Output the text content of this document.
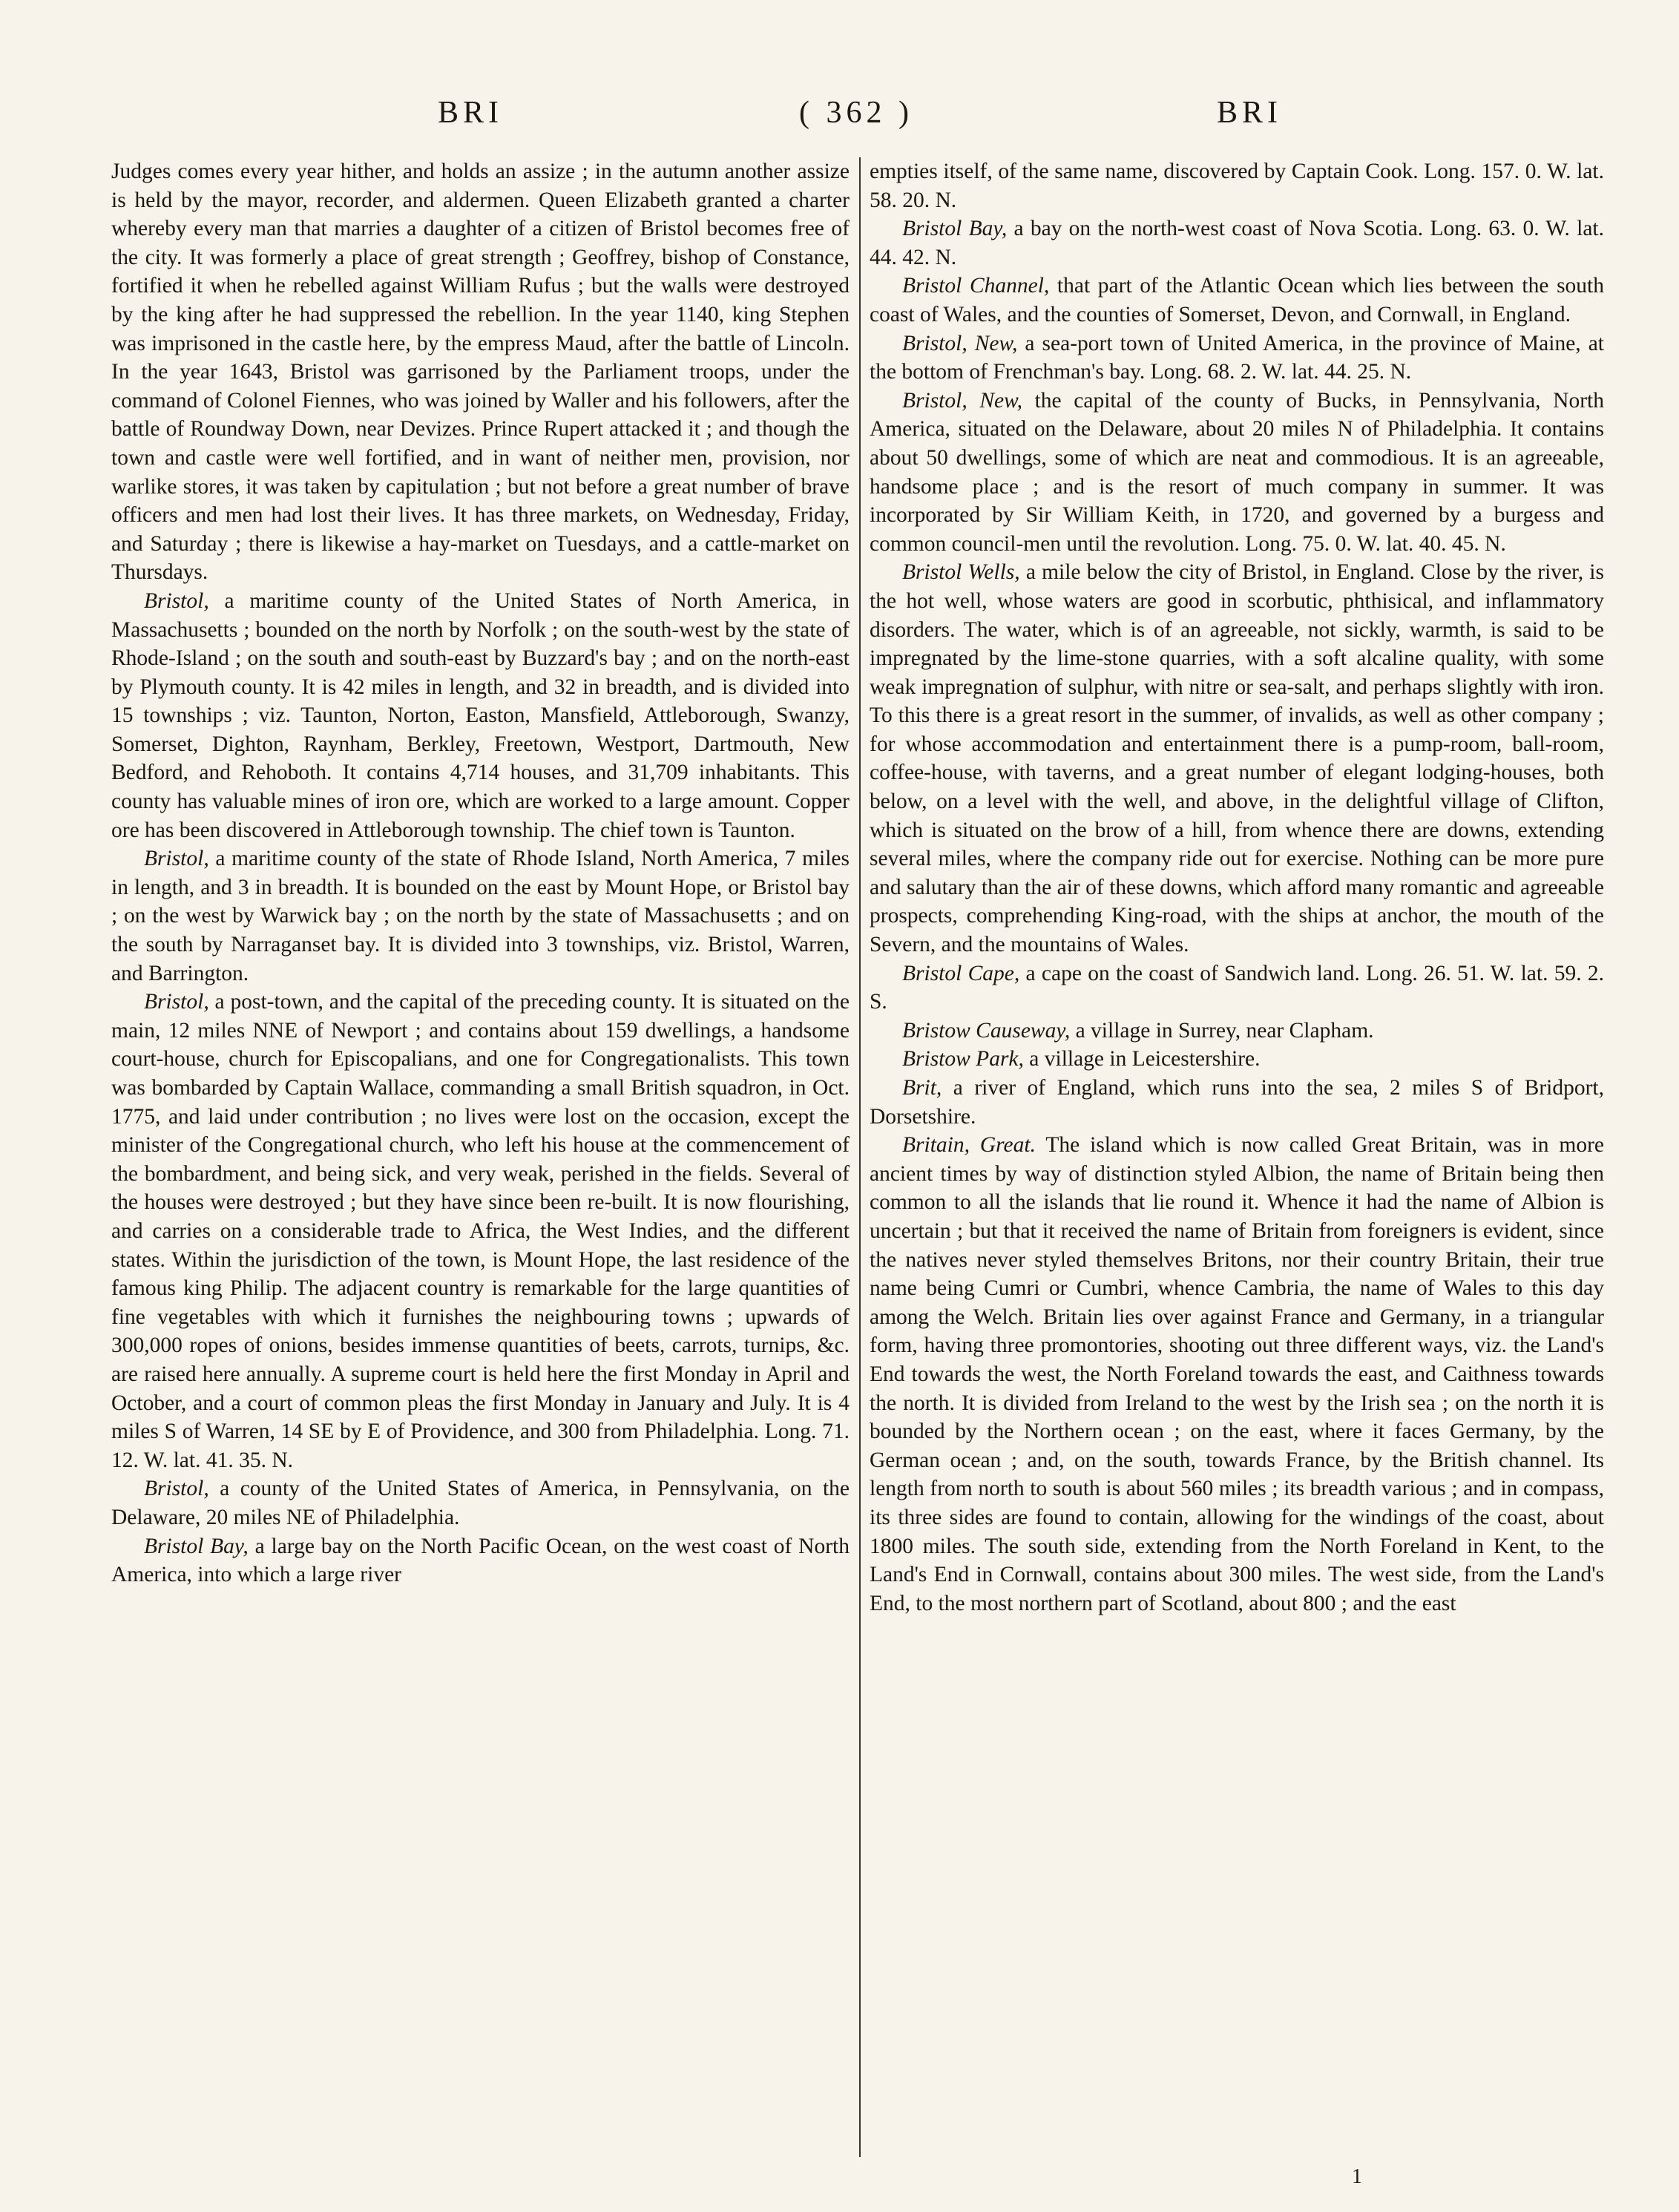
BRI	( 362 )	BRI

Judges comes every year hither, and holds an assize ; in the autumn another assize is held by the mayor, recorder, and aldermen. Queen Elizabeth granted a charter whereby every man that marries a daughter of a citizen of Bristol becomes free of the city. It was formerly a place of great strength ; Geoffrey, bishop of Constance, fortified it when he rebelled against William Rufus ; but the walls were destroyed by the king after he had suppressed the rebellion. In the year 1140, king Stephen was imprisoned in the castle here, by the empress Maud, after the battle of Lincoln. In the year 1643, Bristol was garrisoned by the Parliament troops, under the command of Colonel Fiennes, who was joined by Waller and his followers, after the battle of Roundway Down, near Devizes. Prince Rupert attacked it ; and though the town and castle were well fortified, and in want of neither men, provision, nor warlike stores, it was taken by capitulation ; but not before a great number of brave officers and men had lost their lives. It has three markets, on Wednesday, Friday, and Saturday ; there is likewise a hay-market on Tuesdays, and a cattle-market on Thursdays.

Bristol, a maritime county of the United States of North America, in Massachusetts ; bounded on the north by Norfolk ; on the south-west by the state of Rhode-Island ; on the south and south-east by Buzzard's bay ; and on the north-east by Plymouth county. It is 42 miles in length, and 32 in breadth, and is divided into 15 townships ; viz. Taunton, Norton, Easton, Mansfield, Attleborough, Swanzy, Somerset, Dighton, Raynham, Berkley, Freetown, Westport, Dartmouth, New Bedford, and Rehoboth. It contains 4,714 houses, and 31,709 inhabitants. This county has valuable mines of iron ore, which are worked to a large amount. Copper ore has been discovered in Attleborough township. The chief town is Taunton.

Bristol, a maritime county of the state of Rhode Island, North America, 7 miles in length, and 3 in breadth. It is bounded on the east by Mount Hope, or Bristol bay ; on the west by Warwick bay ; on the north by the state of Massachusetts ; and on the south by Narraganset bay. It is divided into 3 townships, viz. Bristol, Warren, and Barrington.

Bristol, a post-town, and the capital of the preceding county. It is situated on the main, 12 miles NNE of Newport ; and contains about 159 dwellings, a handsome court-house, church for Episcopalians, and one for Congregationalists. This town was bombarded by Captain Wallace, commanding a small British squadron, in Oct. 1775, and laid under contribution ; no lives were lost on the occasion, except the minister of the Congregational church, who left his house at the commencement of the bombardment, and being sick, and very weak, perished in the fields. Several of the houses were destroyed ; but they have since been re-built. It is now flourishing, and carries on a considerable trade to Africa, the West Indies, and the different states. Within the jurisdiction of the town, is Mount Hope, the last residence of the famous king Philip. The adjacent country is remarkable for the large quantities of fine vegetables with which it furnishes the neighbouring towns ; upwards of 300,000 ropes of onions, besides immense quantities of beets, carrots, turnips, &c. are raised here annually. A supreme court is held here the first Monday in April and October, and a court of common pleas the first Monday in January and July. It is 4 miles S of Warren, 14 SE by E of Providence, and 300 from Philadelphia. Long. 71. 12. W. lat. 41. 35. N.

Bristol, a county of the United States of America, in Pennsylvania, on the Delaware, 20 miles NE of Philadelphia.

Bristol Bay, a large bay on the North Pacific Ocean, on the west coast of North America, into which a large river

empties itself, of the same name, discovered by Captain Cook. Long. 157. 0. W. lat. 58. 20. N.

Bristol Bay, a bay on the north-west coast of Nova Scotia. Long. 63. 0. W. lat. 44. 42. N.

Bristol Channel, that part of the Atlantic Ocean which lies between the south coast of Wales, and the counties of Somerset, Devon, and Cornwall, in England.

Bristol, New, a sea-port town of United America, in the province of Maine, at the bottom of Frenchman's bay. Long. 68. 2. W. lat. 44. 25. N.

Bristol, New, the capital of the county of Bucks, in Pennsylvania, North America, situated on the Delaware, about 20 miles N of Philadelphia. It contains about 50 dwellings, some of which are neat and commodious. It is an agreeable, handsome place ; and is the resort of much company in summer. It was incorporated by Sir William Keith, in 1720, and governed by a burgess and common council-men until the revolution. Long. 75. 0. W. lat. 40. 45. N.

Bristol Wells, a mile below the city of Bristol, in England. Close by the river, is the hot well, whose waters are good in scorbutic, phthisical, and inflammatory disorders. The water, which is of an agreeable, not sickly, warmth, is said to be impregnated by the lime-stone quarries, with a soft alcaline quality, with some weak impregnation of sulphur, with nitre or sea-salt, and perhaps slightly with iron. To this there is a great resort in the summer, of invalids, as well as other company ; for whose accommodation and entertainment there is a pump-room, ball-room, coffee-house, with taverns, and a great number of elegant lodging-houses, both below, on a level with the well, and above, in the delightful village of Clifton, which is situated on the brow of a hill, from whence there are downs, extending several miles, where the company ride out for exercise. Nothing can be more pure and salutary than the air of these downs, which afford many romantic and agreeable prospects, comprehending King-road, with the ships at anchor, the mouth of the Severn, and the mountains of Wales.

Bristol Cape, a cape on the coast of Sandwich land. Long. 26. 51. W. lat. 59. 2. S.

Bristow Causeway, a village in Surrey, near Clapham.

Bristow Park, a village in Leicestershire.

Brit, a river of England, which runs into the sea, 2 miles S of Bridport, Dorsetshire.

Britain, Great. The island which is now called Great Britain, was in more ancient times by way of distinction styled Albion, the name of Britain being then common to all the islands that lie round it. Whence it had the name of Albion is uncertain ; but that it received the name of Britain from foreigners is evident, since the natives never styled themselves Britons, nor their country Britain, their true name being Cumri or Cumbri, whence Cambria, the name of Wales to this day among the Welch. Britain lies over against France and Germany, in a triangular form, having three promontories, shooting out three different ways, viz. the Land's End towards the west, the North Foreland towards the east, and Caithness towards the north. It is divided from Ireland to the west by the Irish sea ; on the north it is bounded by the Northern ocean ; on the east, where it faces Germany, by the German ocean ; and, on the south, towards France, by the British channel. Its length from north to south is about 560 miles ; its breadth various ; and in compass, its three sides are found to contain, allowing for the windings of the coast, about 1800 miles. The south side, extending from the North Foreland in Kent, to the Land's End in Cornwall, contains about 300 miles. The west side, from the Land's End, to the most northern part of Scotland, about 800 ; and the east

1
